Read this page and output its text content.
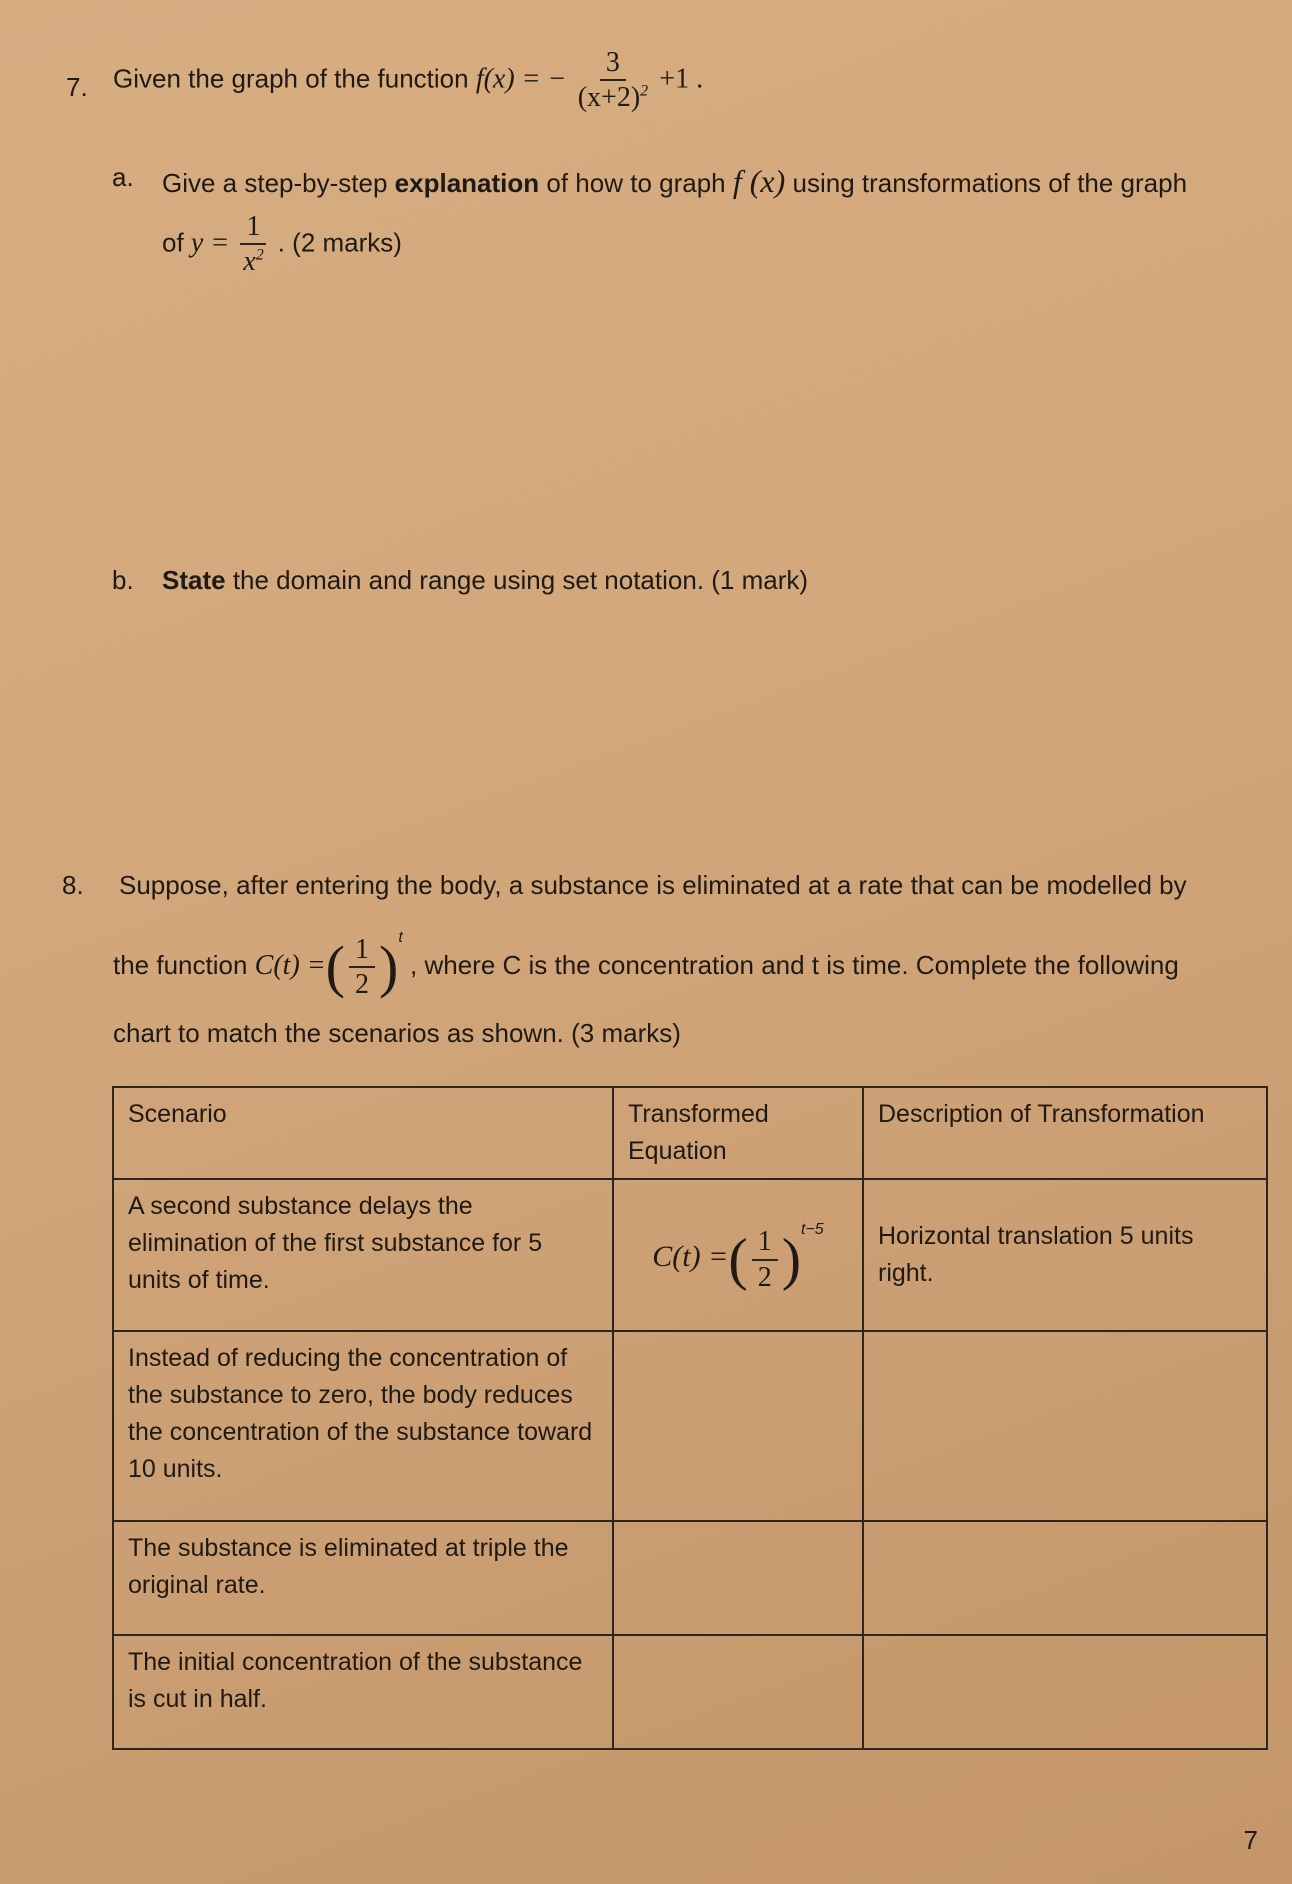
7. Given the graph of the function f(x) = − $\frac{3}{(x+2)^2} +1$ .
a. Give a step-by-step explanation of how to graph f (x) using transformations of the graph
of $y = \frac{1}{x^2}$ . (2 marks)
b. State the domain and range using set notation. (1 mark)
8. Suppose, after entering the body, a substance is eliminated at a rate that can be modelled by
the function C(t) =( $\frac{1}{2} )^t$ , where C is the concentration and t is time. Complete the following
chart to match the scenarios as shown. (3 marks)
Scenario	Transformed Equation	Description of Transformation
A second substance delays the elimination of the first substance for 5 units of time.	C(t) =( $\frac{1}{2} )^{t-5}$	Horizontal translation 5 units right.
Instead of reducing the concentration of the substance to zero, the body reduces the concentration of the substance toward 10 units.		
The substance is eliminated at triple the original rate.		
The initial concentration of the substance is cut in half.		
7
